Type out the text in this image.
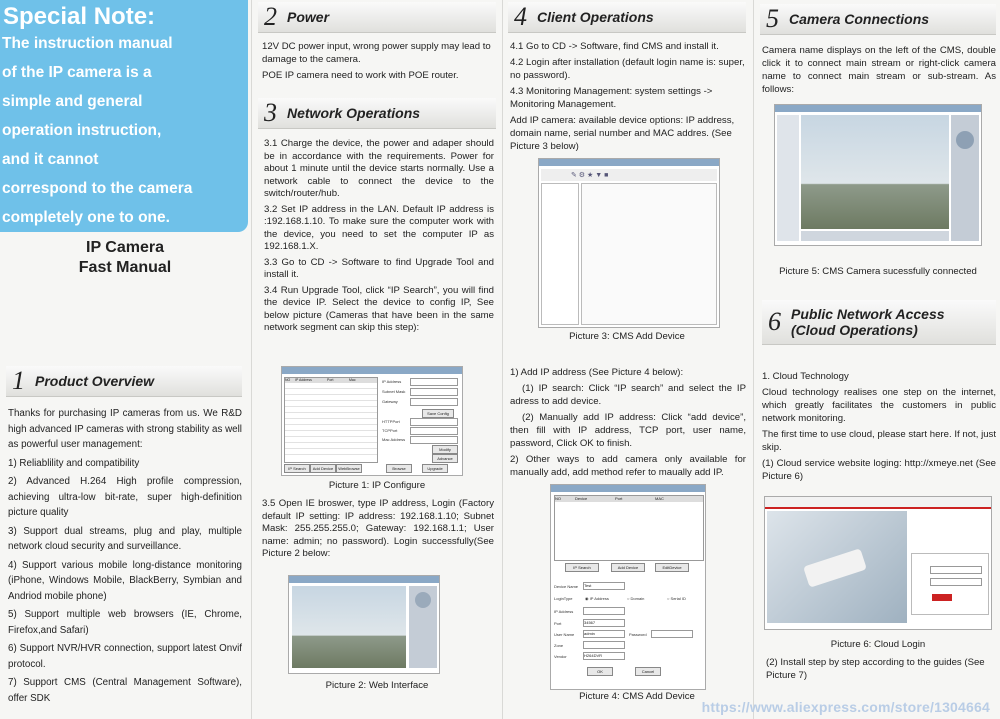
Special Note:
The instruction manual
of the IP camera is a
simple and general
operation instruction,
and it cannot
correspond to the camera
completely one to one.
IP Camera
Fast Manual
1 Product Overview

Thanks for purchasing IP cameras from us. We R&D high advanced IP cameras with strong stability as well as powerful user management:

1) Reliablility and compatibility

2) Advanced H.264 High profile compression, achieving ultra-low bit-rate, super high-definition picture quality

3) Support dual streams, plug and play, multiple network cloud security and surveillance.

4) Support various mobile long-distance monitoring (iPhone, Windows Mobile, BlackBerry, Symbian and Andriod mobile phone)

5) Support multiple web browsers (IE, Chrome, Firefox,and Safari)

6) Support NVR/HVR connection, support latest Onvif protocol.

7) Support CMS (Central Management Software), offer SDK

2 Power

12V DC power input, wrong power supply may lead to damage to the camera.

POE IP camera need to work with POE router.

3 Network Operations

3.1 Charge the device, the power and adaper should be in accordance with the requirements. Power for about 1 minute until the device starts normally. Use a network cable to connect the device to the switch/router/hub.

3.2 Set IP address in the LAN. Default IP address is :192.168.1.10. To make sure the computer work with the device, you need to set the computer IP as 192.168.1.X.

3.3 Go to CD -> Software to find Upgrade Tool and install it.

3.4 Run Upgrade Tool, click “IP Search”, you will find the device IP. Select the device to config IP, See below picture (Cameras that have been in the same network segment can skip this step):

NO	IP Address	Port	Mac	IP Address
Subnet Mask
Gateway
Save Config
HTTPPort
TCPPort
Mac Address
Modify
Advance
IP Search	Add Device	WebBrowse	Browse	Upgrade
Picture 1: IP Configure
3.5 Open IE broswer, type IP address, Login (Factory default IP setting: IP address: 192.168.1.10; Subnet Mask: 255.255.255.0; Gateway: 192.168.1.1; User name: admin; no password). Login successfully(See Picture 2 below:
Picture 2: Web Interface
4 Client Operations

4.1 Go to CD -> Software, find CMS and install it.

4.2 Login after installation (default login name is: super, no password).

4.3 Monitoring Management: system settings -> Monitoring Management.

Add IP camera: available device options: IP address, domain name, serial number and MAC addres. (See Picture 3 below)

✎ ⚙ ★ ▼ ■
Picture 3: CMS Add Device

1) Add IP address (See Picture 4 below):

(1) IP search: Click “IP search” and select the IP adress to add device.

(2) Manually add IP address: Click “add device”, then fill with IP address, TCP port, user name, password, Click OK to finish.

2) Other ways to add camera only available for manually add, add method refer to maually add IP.

NO	Device	Port	MAC
IP Search	Add Device	EditDevice
Device Name Test
LoginType	◉ IP Address	○ Domain	○ Serial ID
IP Address
Port	34567
User Name admin	Password
Zone
Vendor	H264DVR
OK	Cancel
Picture 4: CMS Add Device
5 Camera Connections
Camera name displays on the left of the CMS, double click it to connect main stream or right-click camera name to connect main stream or sub-stream. As follows:
Picture 5: CMS Camera sucessfully connected
6 Public Network Access
(Cloud Operations)

1. Cloud Technology

Cloud technology realises one step on the internet, which greatly facilitates the customers in public network monitoring.

The first time to use cloud, please start here. If not, just skip.

(1) Cloud service website loging: http://xmeye.net (See Picture 6)

Picture 6: Cloud Login
(2) Install step by step according to the guides (See Picture 7)
https://www.aliexpress.com/store/1304664
